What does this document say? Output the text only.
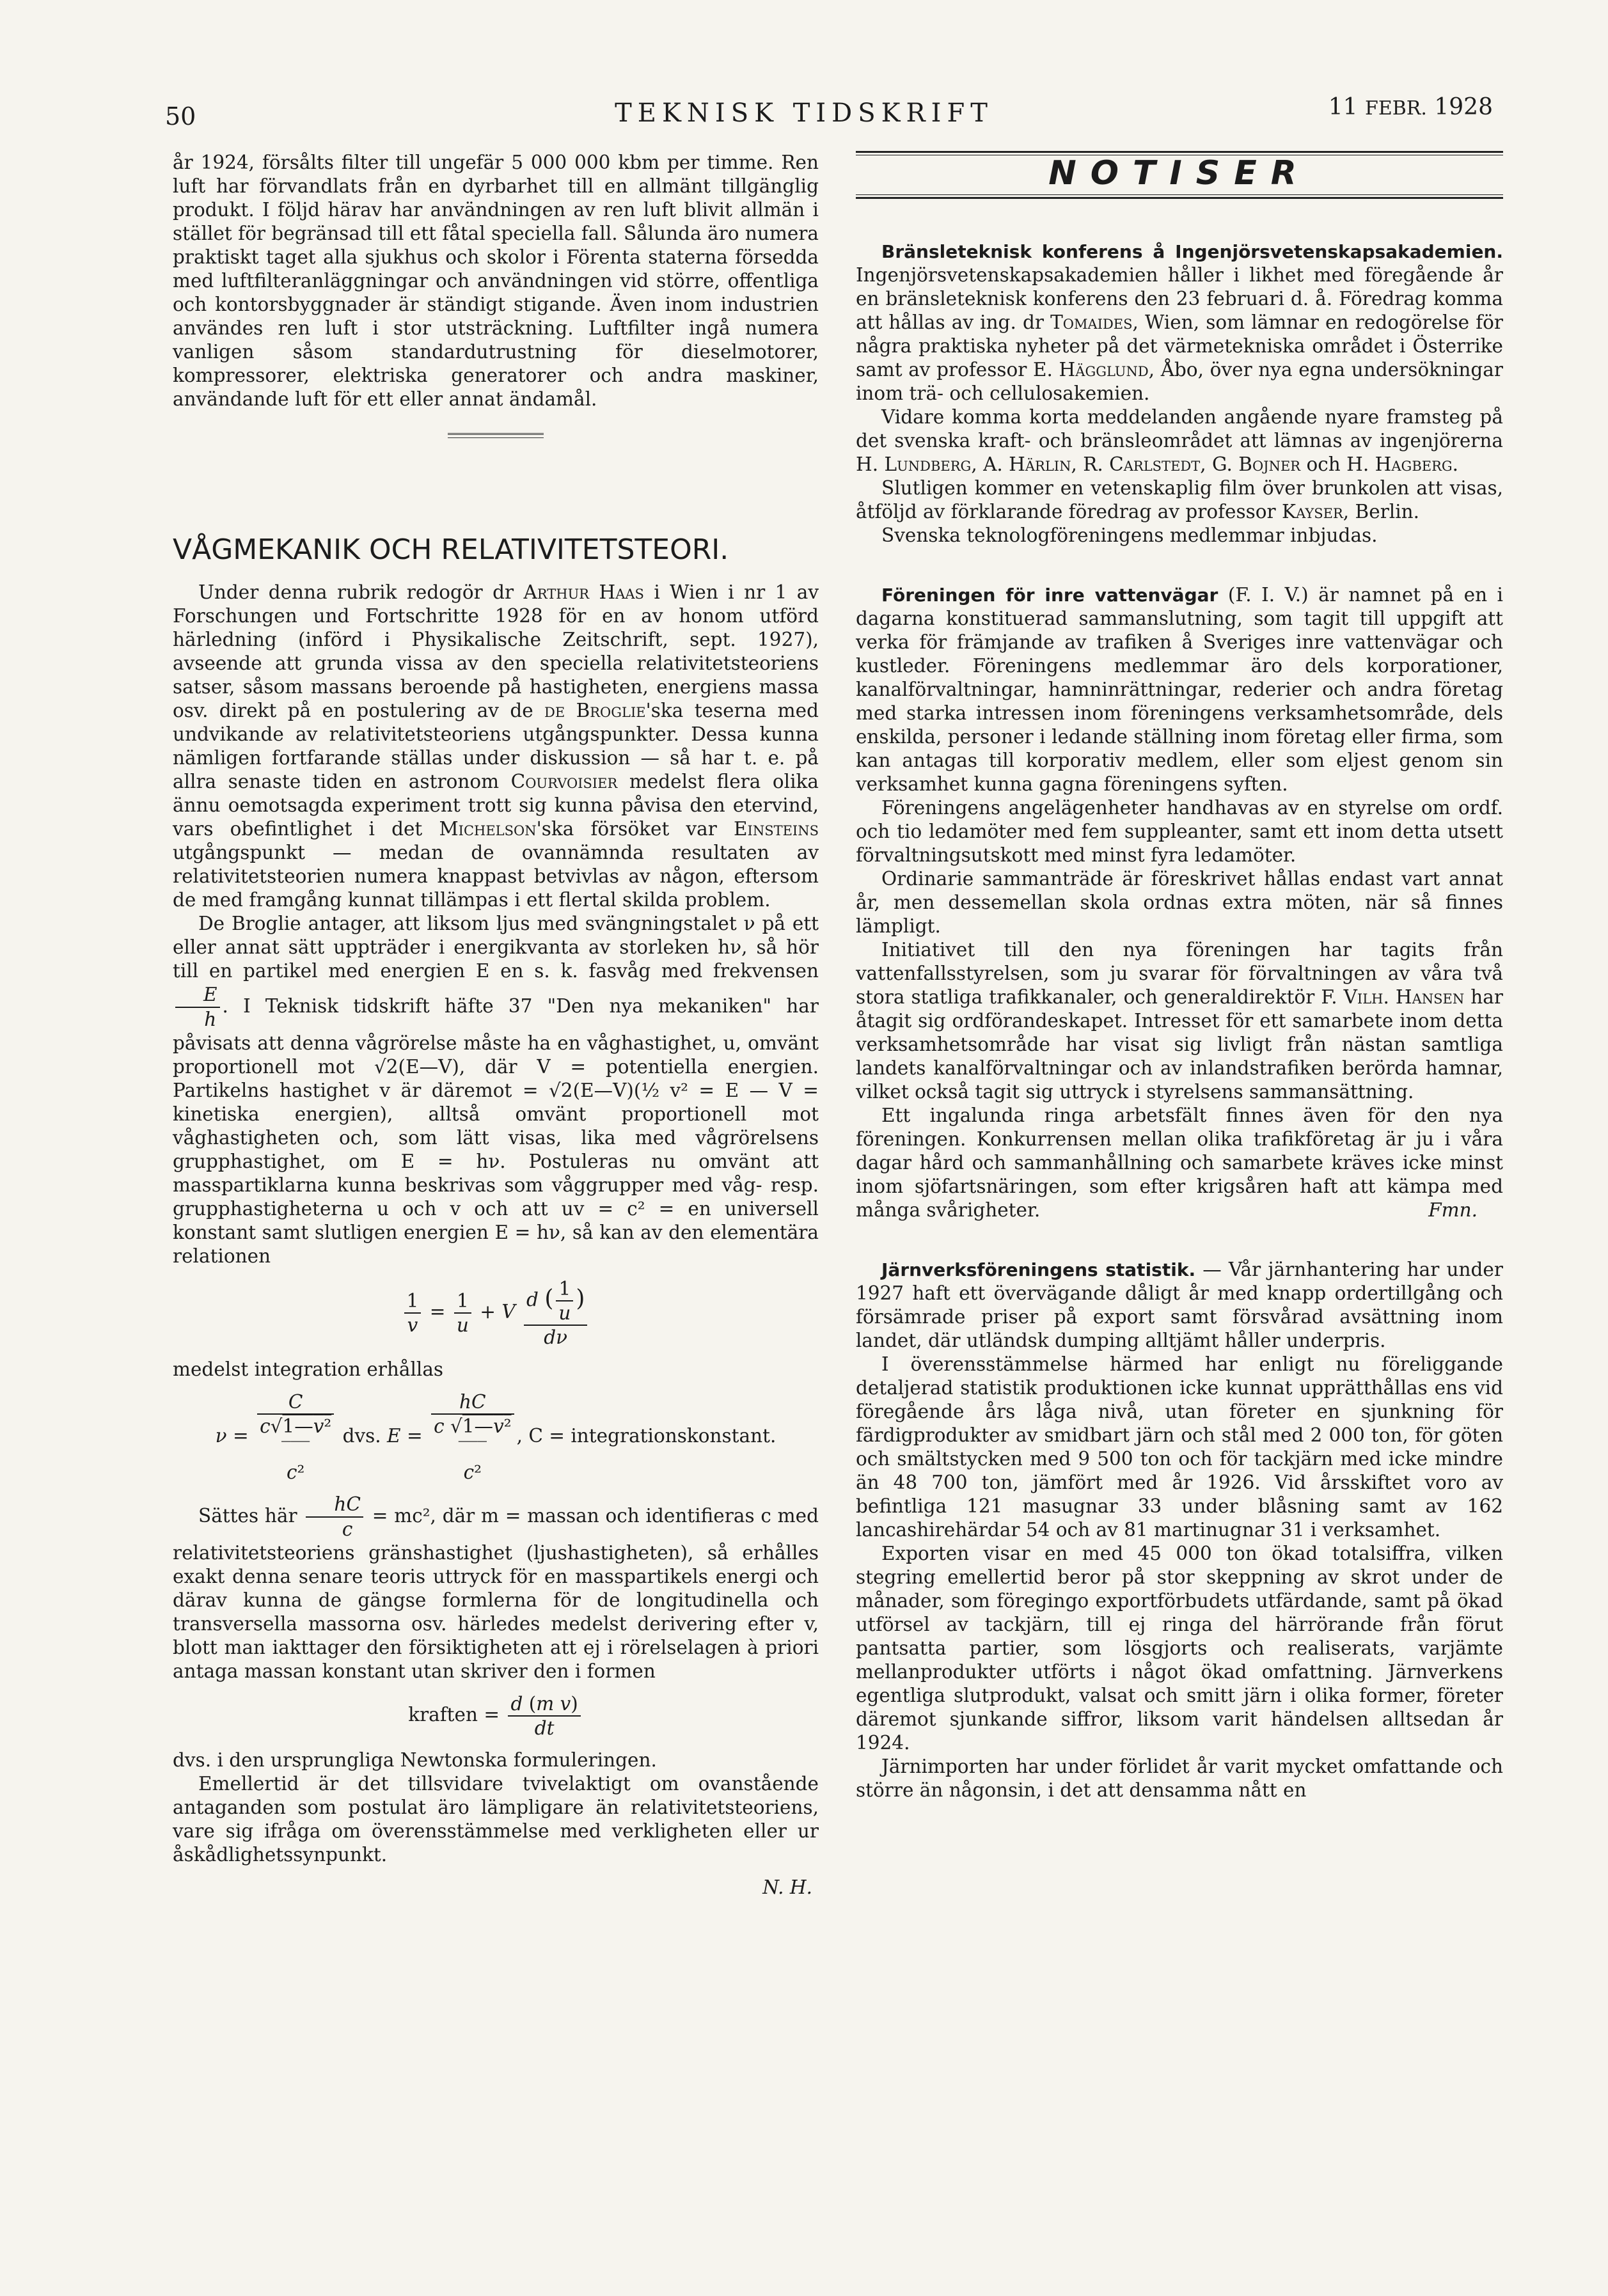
50	TEKNISK TIDSKRIFT	11 FEBR. 1928

år 1924, försålts filter till ungefär 5 000 000 kbm per timme. Ren luft har förvandlats från en dyrbarhet till en allmänt tillgänglig produkt. I följd härav har användningen av ren luft blivit allmän i stället för begränsad till ett fåtal speciella fall. Sålunda äro numera praktiskt taget alla sjukhus och skolor i Förenta staterna försedda med luftfilteranläggningar och användningen vid större, offentliga och kontorsbyggnader är ständigt stigande. Även inom industrien användes ren luft i stor utsträckning. Luftfilter ingå numera vanligen såsom standardutrustning för dieselmotorer, kompressorer, elektriska generatorer och andra maskiner, användande luft för ett eller annat ändamål.

VÅGMEKANIK OCH RELATIVITETSTEORI.

Under denna rubrik redogör dr Arthur Haas i Wien i nr 1 av Forschungen und Fortschritte 1928 för en av honom utförd härledning (införd i Physikalische Zeitschrift, sept. 1927), avseende att grunda vissa av den speciella relativitetsteoriens satser, såsom massans beroende på hastigheten, energiens massa osv. direkt på en postulering av de de Broglie'ska teserna med undvikande av relativitetsteoriens utgångspunkter. Dessa kunna nämligen fortfarande ställas under diskussion — så har t. e. på allra senaste tiden en astronom Courvoisier medelst flera olika ännu oemotsagda experiment trott sig kunna påvisa den etervind, vars obefintlighet i det Michelson'ska försöket var Einsteins utgångspunkt — medan de ovannämnda resultaten av relativitetsteorien numera knappast betvivlas av någon, eftersom de med framgång kunnat tillämpas i ett flertal skilda problem.

De Broglie antager, att liksom ljus med svängningstalet ν på ett eller annat sätt uppträder i energikvanta av storleken hν, så hör till en partikel med energien E en s. k. fasvåg med frekvensen
$\frac{E}{h}$ . I Teknisk tidskrift häfte 37 "Den nya mekaniken" har påvisats att denna vågrörelse måste ha en våghastighet, u, omvänt proportionell mot √2(E—V), där V = potentiella energien. Partikelns hastighet v är däremot = √2(E—V)(½ v² = E — V = kinetiska energien), alltså omvänt proportionell mot våghastigheten och, som lätt visas, lika med vågrörelsens grupphastighet, om E = hν. Postuleras nu omvänt att masspartiklarna kunna beskrivas som våggrupper med våg- resp. grupphastigheterna u och v och att uv = c² = en universell konstant samt slutligen energien E = hν, så kan av den elementära relationen

$\frac{1}{v} = \frac{1}{u} + V \frac{d ( \frac{1}{u} )}{d\nu}$

medelst integration erhållas

ν =
C
c√1—v²
‾‾‾
c²
dvs. E =
hC
c √1—v²
‾‾‾
c²
, C = integrationskonstant.

Sättes här $\frac{hC}{c} = mc^2$, där m = massan och identifieras c med relativitetsteoriens gränshastighet (ljushastigheten), så erhålles exakt denna senare teoris uttryck för en masspartikels energi och därav kunna de gängse formlerna för de longitudinella och transversella massorna osv. härledes medelst derivering efter v, blott man iakttager den försiktigheten att ej i rörelselagen à priori antaga massan konstant utan skriver den i formen

kraften = $\frac{\text{d (m v)}}{dt}$

dvs. i den ursprungliga Newtonska formuleringen.

Emellertid är det tillsvidare tvivelaktigt om ovanstående antaganden som postulat äro lämpligare än relativitetsteoriens, vare sig ifråga om överensstämmelse med verkligheten eller ur åskådlighetssynpunkt.

N. H.

NOTISER

Bränsleteknisk konferens å Ingenjörsvetenskapsakademien. Ingenjörsvetenskapsakademien håller i likhet med föregående år en bränsleteknisk konferens den 23 februari d. å. Föredrag komma att hållas av ing. dr Tomaides, Wien, som lämnar en redogörelse för några praktiska nyheter på det värmetekniska området i Österrike samt av professor E. Hägglund, Åbo, över nya egna undersökningar inom trä- och cellulosakemien.

Vidare komma korta meddelanden angående nyare framsteg på det svenska kraft- och bränsleområdet att lämnas av ingenjörerna H. Lundberg, A. Härlin, R. Carlstedt, G. Bojner och H. Hagberg.

Slutligen kommer en vetenskaplig film över brunkolen att visas, åtföljd av förklarande föredrag av professor Kayser, Berlin.

Svenska teknologföreningens medlemmar inbjudas.

Föreningen för inre vattenvägar (F. I. V.) är namnet på en i dagarna konstituerad sammanslutning, som tagit till uppgift att verka för främjande av trafiken å Sveriges inre vattenvägar och kustleder. Föreningens medlemmar äro dels korporationer, kanalförvaltningar, hamninrättningar, rederier och andra företag med starka intressen inom föreningens verksamhetsområde, dels enskilda, personer i ledande ställning inom företag eller firma, som kan antagas till korporativ medlem, eller som eljest genom sin verksamhet kunna gagna föreningens syften.

Föreningens angelägenheter handhavas av en styrelse om ordf. och tio ledamöter med fem suppleanter, samt ett inom detta utsett förvaltningsutskott med minst fyra ledamöter.

Ordinarie sammanträde är föreskrivet hållas endast vart annat år, men dessemellan skola ordnas extra möten, när så finnes lämpligt.

Initiativet till den nya föreningen har tagits från vattenfallsstyrelsen, som ju svarar för förvaltningen av våra två stora statliga trafikkanaler, och generaldirektör F. Vilh. Hansen har åtagit sig ordförandeskapet. Intresset för ett samarbete inom detta verksamhetsområde har visat sig livligt från nästan samtliga landets kanalförvaltningar och av inlandstrafiken berörda hamnar, vilket också tagit sig uttryck i styrelsens sammansättning.

Ett ingalunda ringa arbetsfält finnes även för den nya föreningen. Konkurrensen mellan olika trafikföretag är ju i våra dagar hård och sammanhållning och samarbete kräves icke minst inom sjöfartsnäringen, som efter krigsåren haft att kämpa med många svårigheter.	Fmn.

Järnverksföreningens statistik. — Vår järnhantering har under 1927 haft ett övervägande dåligt år med knapp ordertillgång och försämrade priser på export samt försvårad avsättning inom landet, där utländsk dumping alltjämt håller underpris.

I överensstämmelse härmed har enligt nu föreliggande detaljerad statistik produktionen icke kunnat upprätthållas ens vid föregående års låga nivå, utan företer en sjunkning för färdigprodukter av smidbart järn och stål med 2 000 ton, för göten och smältstycken med 9 500 ton och för tackjärn med icke mindre än 48 700 ton, jämfört med år 1926. Vid årsskiftet voro av befintliga 121 masugnar 33 under blåsning samt av 162 lancashirehärdar 54 och av 81 martinugnar 31 i verksamhet.

Exporten visar en med 45 000 ton ökad totalsiffra, vilken stegring emellertid beror på stor skeppning av skrot under de månader, som föregingo exportförbudets utfärdande, samt på ökad utförsel av tackjärn, till ej ringa del härrörande från förut pantsatta partier, som lösgjorts och realiserats, varjämte mellanprodukter utförts i något ökad omfattning. Järnverkens egentliga slutprodukt, valsat och smitt järn i olika former, företer däremot sjunkande siffror, liksom varit händelsen alltsedan år 1924.

Järnimporten har under förlidet år varit mycket omfattande och större än någonsin, i det att densamma nått en
